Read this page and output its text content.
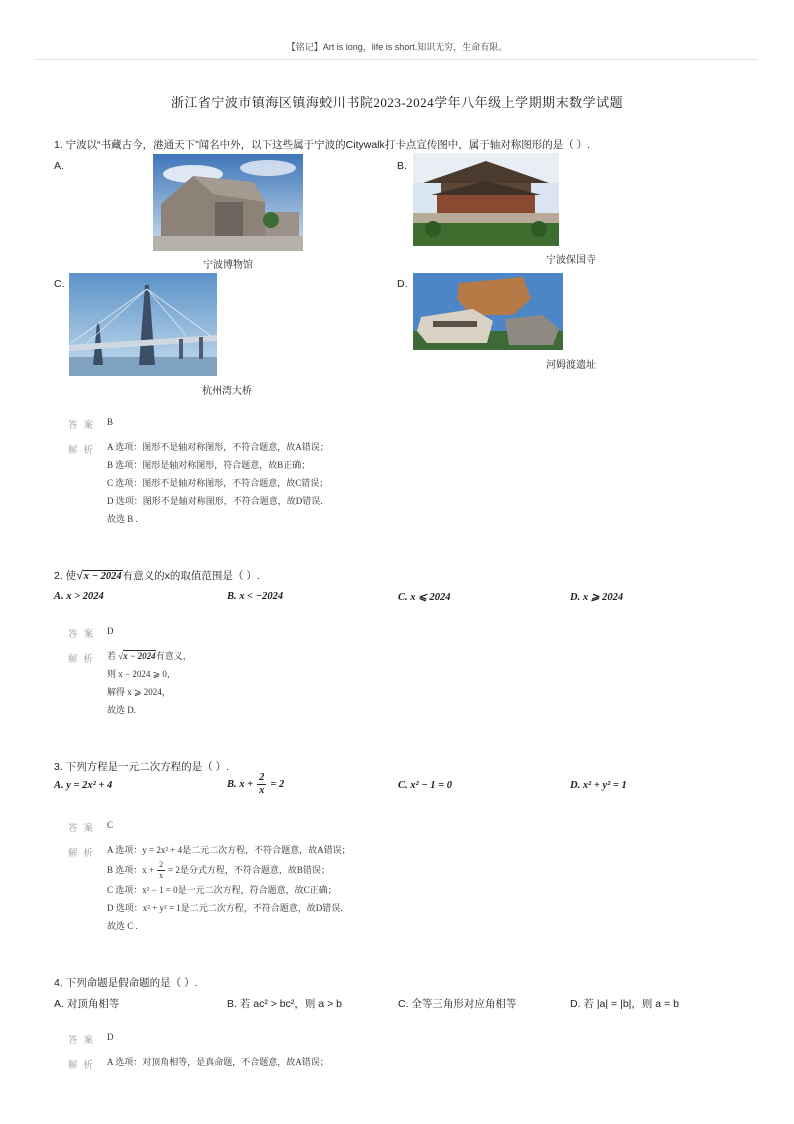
【铭记】Art is long，life is short.知识无穷，生命有限。
浙江省宁波市镇海区镇海蛟川书院2023-2024学年八年级上学期期末数学试题
1. 宁波以“书藏古今，港通天下”闻名中外，以下这些属于宁波的Citywalk打卡点宣传图中，属于轴对称图形的是（ ）.
A.
宁波博物馆
B.
宁波保国寺
C.
杭州湾大桥
D.
河姆渡遗址
答案 B
解析 A 选项：图形不是轴对称图形，不符合题意，故A错误；
B 选项：图形是轴对称图形，符合题意，故B正确；
C 选项：图形不是轴对称图形，不符合题意，故C错误；
D 选项：图形不是轴对称图形，不符合题意，故D错误.
故选 B .
2. 使√x − 2024有意义的x的取值范围是（ ）.
A. x > 2024	B. x < −2024	C. x ⩽ 2024	D. x ⩾ 2024
答案 D
解析 若 √x − 2024有意义，
则 x − 2024 ⩾ 0，
解得 x ⩾ 2024，
故选 D.
3. 下列方程是一元二次方程的是（ ）.
A. y = 2x² + 4	B. $x + \frac{2}{x} = 2$	C. x² − 1 = 0	D. x² + y² = 1
答案 C
解析 A 选项：y = 2x² + 4是二元二次方程，不符合题意，故A错误；
B 选项：$x + \frac{2}{x} = 2$ 是分式方程，不符合题意，故B错误；
C 选项：x² − 1 = 0是一元二次方程，符合题意，故C正确；
D 选项：x² + y² = 1是二元二次方程，不符合题意，故D错误.
故选 C .
4. 下列命题是假命题的是（ ）.
A. 对顶角相等	B. 若 ac² > bc²，则 a > b	C. 全等三角形对应角相等	D. 若 |a| = |b|，则 a = b
答案 D
解析 A 选项：对顶角相等，是真命题，不合题意，故A错误；
